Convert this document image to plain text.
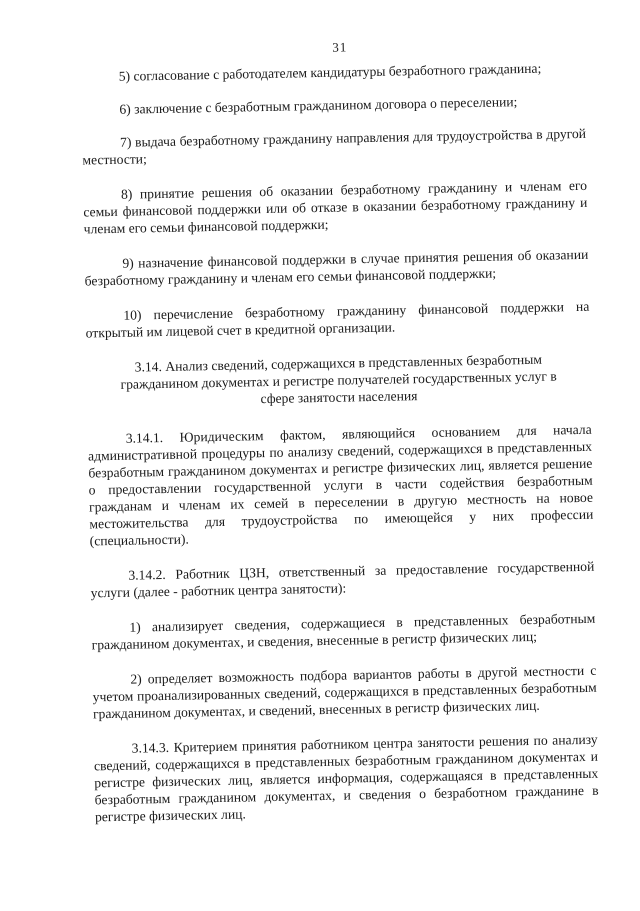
31

5) согласование с работодателем кандидатуры безработного гражданина;

6) заключение с безработным гражданином договора о переселении;

7) выдача безработному гражданину направления для трудоустройства в другой местности;

8) принятие решения об оказании безработному гражданину и членам его семьи финансовой поддержки или об отказе в оказании безработному гражданину и членам его семьи финансовой поддержки;

9) назначение финансовой поддержки в случае принятия решения об оказании безработному гражданину и членам его семьи финансовой поддержки;

10) перечисление безработному гражданину финансовой поддержки на открытый им лицевой счет в кредитной организации.

3.14. Анализ сведений, содержащихся в представленных безработным гражданином документах и регистре получателей государственных услуг в сфере занятости населения

3.14.1. Юридическим фактом, являющийся основанием для начала административной процедуры по анализу сведений, содержащихся в представленных безработным гражданином документах и регистре физических лиц, является решение о предоставлении государственной услуги в части содействия безработным гражданам и членам их семей в переселении в другую местность на новое местожительства для трудоустройства по имеющейся у них профессии (специальности).

3.14.2. Работник ЦЗН, ответственный за предоставление государственной услуги (далее - работник центра занятости):

1) анализирует сведения, содержащиеся в представленных безработным гражданином документах, и сведения, внесенные в регистр физических лиц;

2) определяет возможность подбора вариантов работы в другой местности с учетом проанализированных сведений, содержащихся в представленных безработным гражданином документах, и сведений, внесенных в регистр физических лиц.

3.14.3. Критерием принятия работником центра занятости решения по анализу сведений, содержащихся в представленных безработным гражданином документах и регистре физических лиц, является информация, содержащаяся в представленных безработным гражданином документах, и сведения о безработном гражданине в регистре физических лиц.
